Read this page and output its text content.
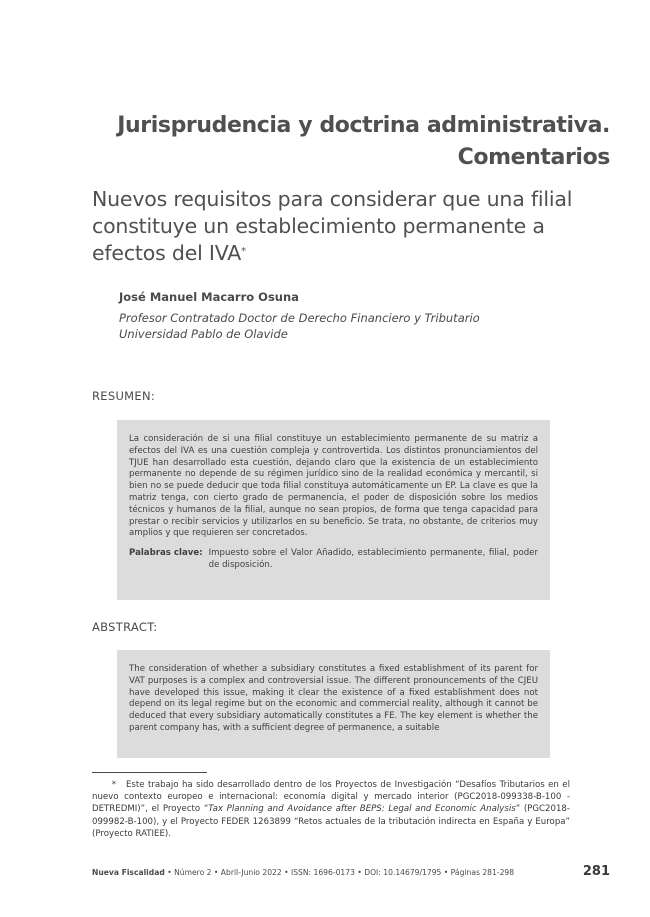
Jurisprudencia y doctrina administrativa.
Comentarios
Nuevos requisitos para considerar que una filial constituye un establecimiento permanente a efectos del IVA*
José Manuel Macarro Osuna
Profesor Contratado Doctor de Derecho Financiero y Tributario
Universidad Pablo de Olavide
RESUMEN:
La consideración de si una filial constituye un establecimiento permanente de su matriz a efectos del IVA es una cuestión compleja y controvertida. Los distintos pronunciamientos del TJUE han desarrollado esta cuestión, dejando claro que la existencia de un establecimiento permanente no depende de su régimen jurídico sino de la realidad económica y mercantil, si bien no se puede deducir que toda filial constituya automáticamente un EP. La clave es que la matriz tenga, con cierto grado de permanencia, el poder de disposición sobre los medios técnicos y humanos de la filial, aunque no sean propios, de forma que tenga capacidad para prestar o recibir servicios y utilizarlos en su beneficio. Se trata, no obstante, de criterios muy amplios y que requieren ser concretados.
Palabras clave: Impuesto sobre el Valor Añadido, establecimiento permanente, filial, poder de disposición.
ABSTRACT:
The consideration of whether a subsidiary constitutes a fixed establishment of its parent for VAT purposes is a complex and controversial issue. The different pronouncements of the CJEU have developed this issue, making it clear the existence of a fixed establishment does not depend on its legal regime but on the economic and commercial reality, although it cannot be deduced that every subsidiary automatically constitutes a FE. The key element is whether the parent company has, with a sufficient degree of permanence, a suitable
* Este trabajo ha sido desarrollado dentro de los Proyectos de Investigación “Desafíos Tributarios en el nuevo contexto europeo e internacional: economía digital y mercado interior (PGC2018-099338-B-100 - DETREDMI)”, el Proyecto “Tax Planning and Avoidance after BEPS: Legal and Economic Analysis” (PGC2018-099982-B-100), y el Proyecto FEDER 1263899 “Retos actuales de la tributación indirecta en España y Europa” (Proyecto RATIEE).
Nueva Fiscalidad • Número 2 • Abril-Junio 2022 • ISSN: 1696-0173 • DOI: 10.14679/1795 • Páginas 281-298	281
